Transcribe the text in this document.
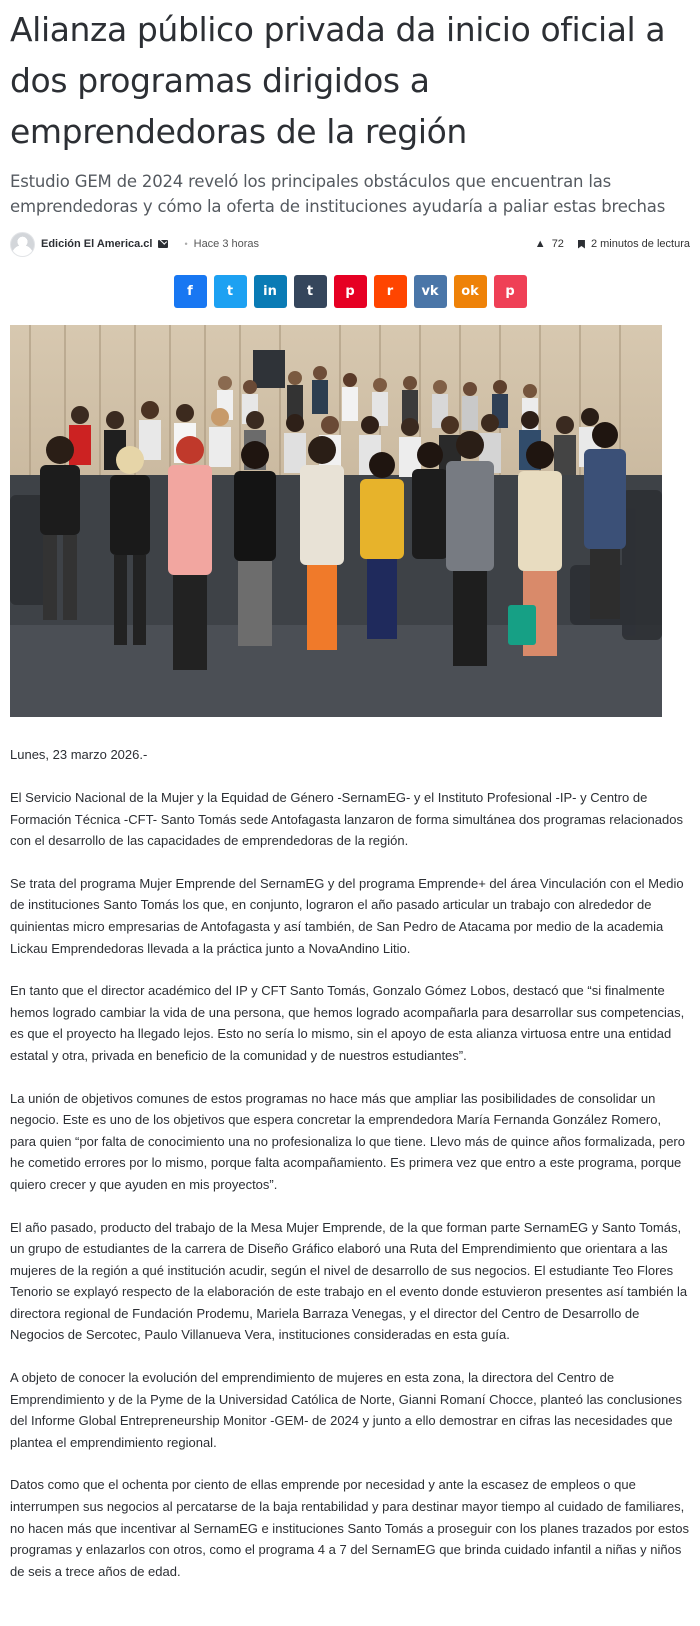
Alianza público privada da inicio oficial a dos programas dirigidos a emprendedoras de la región

Estudio GEM de 2024 reveló los principales obstáculos que encuentran las emprendedoras y cómo la oferta de instituciones ayudaría a paliar estas brechas

Edición El America.cl	• Hace 3 horas	▲ 72 2 minutos de lectura
f	t in t p r vk ok p

Lunes, 23 marzo 2026.-

El Servicio Nacional de la Mujer y la Equidad de Género -SernamEG- y el Instituto Profesional -IP- y Centro de Formación Técnica -CFT- Santo Tomás sede Antofagasta lanzaron de forma simultánea dos programas relacionados con el desarrollo de las capacidades de emprendedoras de la región.

Se trata del programa Mujer Emprende del SernamEG y del programa Emprende+ del área Vinculación con el Medio de instituciones Santo Tomás los que, en conjunto, lograron el año pasado articular un trabajo con alrededor de quinientas micro empresarias de Antofagasta y así también, de San Pedro de Atacama por medio de la academia Lickau Emprendedoras llevada a la práctica junto a NovaAndino Litio.

En tanto que el director académico del IP y CFT Santo Tomás, Gonzalo Gómez Lobos, destacó que “si finalmente hemos logrado cambiar la vida de una persona, que hemos logrado acompañarla para desarrollar sus competencias, es que el proyecto ha llegado lejos. Esto no sería lo mismo, sin el apoyo de esta alianza virtuosa entre una entidad estatal y otra, privada en beneficio de la comunidad y de nuestros estudiantes”.

La unión de objetivos comunes de estos programas no hace más que ampliar las posibilidades de consolidar un negocio. Este es uno de los objetivos que espera concretar la emprendedora María Fernanda González Romero, para quien “por falta de conocimiento una no profesionaliza lo que tiene. Llevo más de quince años formalizada, pero he cometido errores por lo mismo, porque falta acompañamiento. Es primera vez que entro a este programa, porque quiero crecer y que ayuden en mis proyectos”.

El año pasado, producto del trabajo de la Mesa Mujer Emprende, de la que forman parte SernamEG y Santo Tomás, un grupo de estudiantes de la carrera de Diseño Gráfico elaboró una Ruta del Emprendimiento que orientara a las mujeres de la región a qué institución acudir, según el nivel de desarrollo de sus negocios. El estudiante Teo Flores Tenorio se explayó respecto de la elaboración de este trabajo en el evento donde estuvieron presentes así también la directora regional de Fundación Prodemu, Mariela Barraza Venegas, y el director del Centro de Desarrollo de Negocios de Sercotec, Paulo Villanueva Vera, instituciones consideradas en esta guía.

A objeto de conocer la evolución del emprendimiento de mujeres en esta zona, la directora del Centro de Emprendimiento y de la Pyme de la Universidad Católica de Norte, Gianni Romaní Chocce, planteó las conclusiones del Informe Global Entrepreneurship Monitor -GEM- de 2024 y junto a ello demostrar en cifras las necesidades que plantea el emprendimiento regional.

Datos como que el ochenta por ciento de ellas emprende por necesidad y ante la escasez de empleos o que interrumpen sus negocios al percatarse de la baja rentabilidad y para destinar mayor tiempo al cuidado de familiares, no hacen más que incentivar al SernamEG e instituciones Santo Tomás a proseguir con los planes trazados por estos programas y enlazarlos con otros, como el programa 4 a 7 del SernamEG que brinda cuidado infantil a niñas y niños de seis a trece años de edad.
